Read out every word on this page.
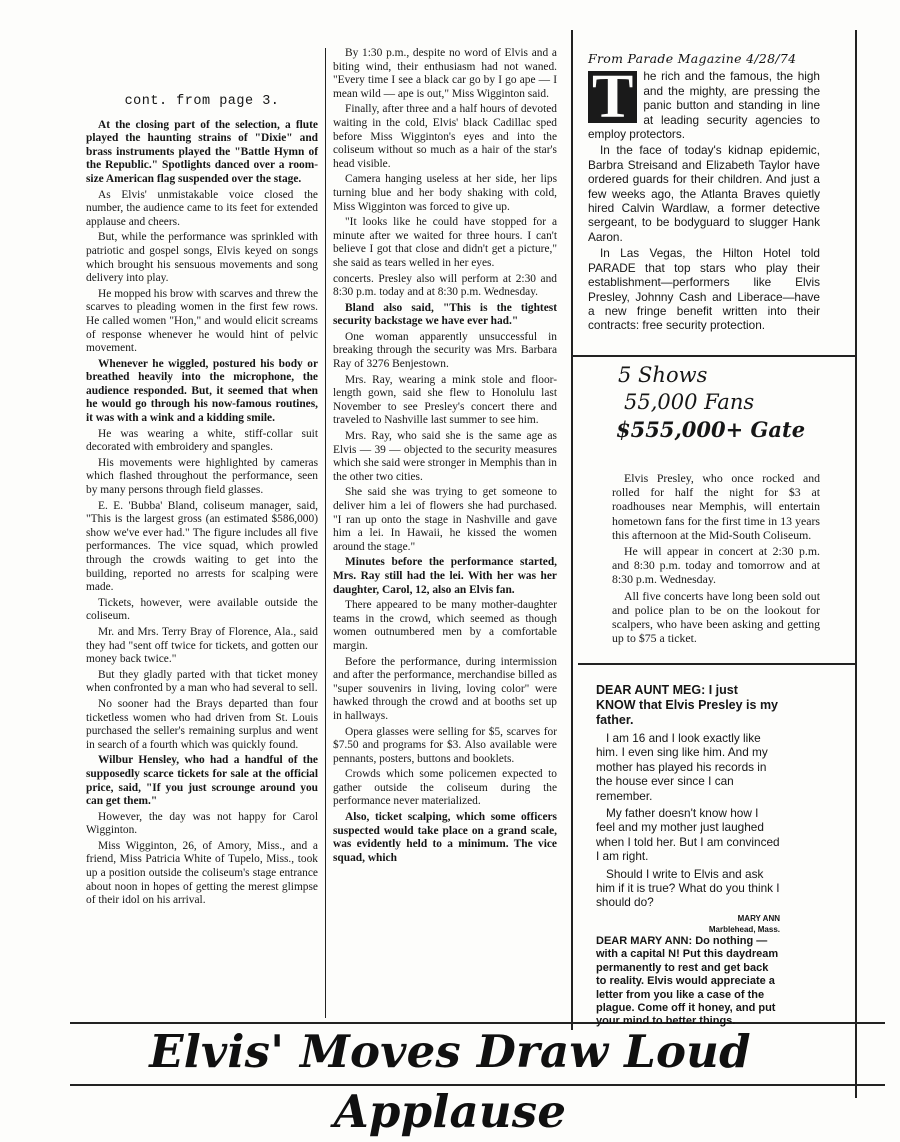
cont. from page 3.

At the closing part of the selection, a flute played the haunting strains of "Dixie" and brass instruments played the "Battle Hymn of the Republic." Spotlights danced over a room-size American flag suspended over the stage.

As Elvis' unmistakable voice closed the number, the audience came to its feet for extended applause and cheers.

But, while the performance was sprinkled with patriotic and gospel songs, Elvis keyed on songs which brought his sensuous movements and song delivery into play.

He mopped his brow with scarves and threw the scarves to pleading women in the first few rows. He called women "Hon," and would elicit screams of response whenever he would hint of pelvic movement.

Whenever he wiggled, postured his body or breathed heavily into the microphone, the audience responded. But, it seemed that when he would go through his now-famous routines, it was with a wink and a kidding smile.

He was wearing a white, stiff-collar suit decorated with embroidery and spangles.

His movements were highlighted by cameras which flashed throughout the performance, seen by many persons through field glasses.

E. E. 'Bubba' Bland, coliseum manager, said, "This is the largest gross (an estimated $586,000) show we've ever had." The figure includes all five performances. The vice squad, which prowled through the crowds waiting to get into the building, reported no arrests for scalping were made.

Tickets, however, were available outside the coliseum.

Mr. and Mrs. Terry Bray of Florence, Ala., said they had "sent off twice for tickets, and gotten our money back twice."

But they gladly parted with that ticket money when confronted by a man who had several to sell.

No sooner had the Brays departed than four ticketless women who had driven from St. Louis purchased the seller's remaining surplus and went in search of a fourth which was quickly found.

Wilbur Hensley, who had a handful of the supposedly scarce tickets for sale at the official price, said, "If you just scrounge around you can get them."

However, the day was not happy for Carol Wigginton.

Miss Wigginton, 26, of Amory, Miss., and a friend, Miss Patricia White of Tupelo, Miss., took up a position outside the coliseum's stage entrance about noon in hopes of getting the merest glimpse of their idol on his arrival.

By 1:30 p.m., despite no word of Elvis and a biting wind, their enthusiasm had not waned. "Every time I see a black car go by I go ape — I mean wild — ape is out," Miss Wigginton said.

Finally, after three and a half hours of devoted waiting in the cold, Elvis' black Cadillac sped before Miss Wigginton's eyes and into the coliseum without so much as a hair of the star's head visible.

Camera hanging useless at her side, her lips turning blue and her body shaking with cold, Miss Wigginton was forced to give up.

"It looks like he could have stopped for a minute after we waited for three hours. I can't believe I got that close and didn't get a picture," she said as tears welled in her eyes.

concerts. Presley also will perform at 2:30 and 8:30 p.m. today and at 8:30 p.m. Wednesday.

Bland also said, "This is the tightest security backstage we have ever had."

One woman apparently unsuccessful in breaking through the security was Mrs. Barbara Ray of 3276 Benjestown.

Mrs. Ray, wearing a mink stole and floor-length gown, said she flew to Honolulu last November to see Presley's concert there and traveled to Nashville last summer to see him.

Mrs. Ray, who said she is the same age as Elvis — 39 — objected to the security measures which she said were stronger in Memphis than in the other two cities.

She said she was trying to get someone to deliver him a lei of flowers she had purchased. "I ran up onto the stage in Nashville and gave him a lei. In Hawaii, he kissed the women around the stage."

Minutes before the performance started, Mrs. Ray still had the lei. With her was her daughter, Carol, 12, also an Elvis fan.

There appeared to be many mother-daughter teams in the crowd, which seemed as though women outnumbered men by a comfortable margin.

Before the performance, during intermission and after the performance, merchandise billed as "super souvenirs in living, loving color" were hawked through the crowd and at booths set up in hallways.

Opera glasses were selling for $5, scarves for $7.50 and programs for $3. Also available were pennants, posters, buttons and booklets.

Crowds which some policemen expected to gather outside the coliseum during the performance never materialized.

Also, ticket scalping, which some officers suspected would take place on a grand scale, was evidently held to a minimum. The vice squad, which

From Parade Magazine 4/28/74

T he rich and the famous, the high and the mighty, are pressing the panic button and standing in line at leading security agencies to employ protectors.

In the face of today's kidnap epidemic, Barbra Streisand and Elizabeth Taylor have ordered guards for their children. And just a few weeks ago, the Atlanta Braves quietly hired Calvin Wardlaw, a former detective sergeant, to be bodyguard to slugger Hank Aaron.

In Las Vegas, the Hilton Hotel told PARADE that top stars who play their establishment—performers like Elvis Presley, Johnny Cash and Liberace—have a new fringe benefit written into their contracts: free security protection.

5 Shows
55,000 Fans
$555,000+ Gate

Elvis Presley, who once rocked and rolled for half the night for $3 at roadhouses near Memphis, will entertain hometown fans for the first time in 13 years this afternoon at the Mid-South Coliseum.

He will appear in concert at 2:30 p.m. and 8:30 p.m. today and tomorrow and at 8:30 p.m. Wednesday.

All five concerts have long been sold out and police plan to be on the lookout for scalpers, who have been asking and getting up to $75 a ticket.

DEAR AUNT MEG: I just KNOW that Elvis Presley is my father.

I am 16 and I look exactly like him. I even sing like him. And my mother has played his records in the house ever since I can remember.

My father doesn't know how I feel and my mother just laughed when I told her. But I am convinced I am right.

Should I write to Elvis and ask him if it is true? What do you think I should do?

MARY ANN

Marblehead, Mass.

DEAR MARY ANN: Do nothing — with a capital N! Put this daydream permanently to rest and get back to reality. Elvis would appreciate a letter from you like a case of the plague. Come off it honey, and put your mind to better things.

Elvis' Moves Draw Loud Applause
